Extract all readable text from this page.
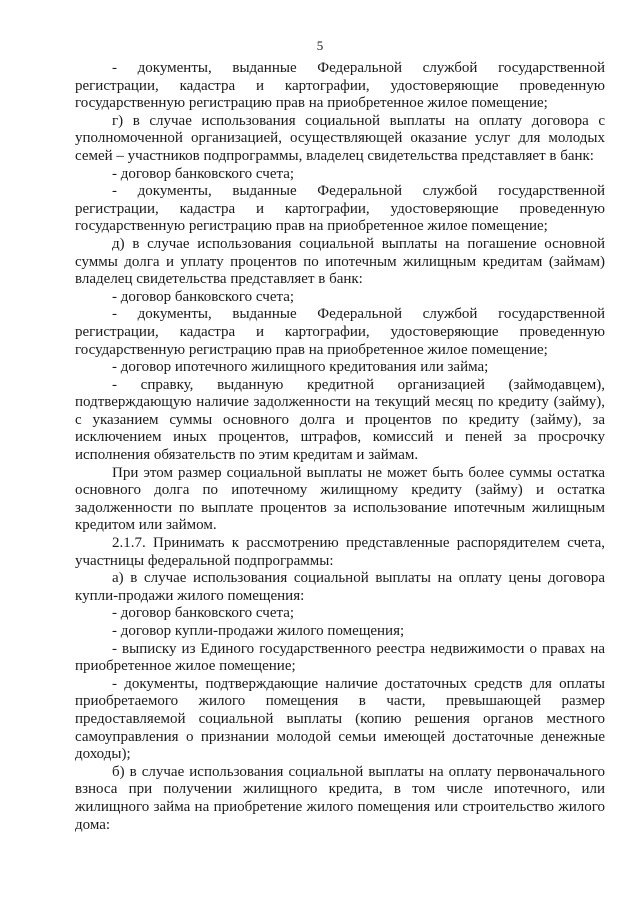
5

- документы, выданные Федеральной службой государственной регистрации, кадастра и картографии, удостоверяющие проведенную государственную регистрацию прав на приобретенное жилое помещение;

г) в случае использования социальной выплаты на оплату договора с уполномоченной организацией, осуществляющей оказание услуг для молодых семей – участников подпрограммы, владелец свидетельства представляет в банк:

- договор банковского счета;

- документы, выданные Федеральной службой государственной регистрации, кадастра и картографии, удостоверяющие проведенную государственную регистрацию прав на приобретенное жилое помещение;

д) в случае использования социальной выплаты на погашение основной суммы долга и уплату процентов по ипотечным жилищным кредитам (займам) владелец свидетельства представляет в банк:

- договор банковского счета;

- документы, выданные Федеральной службой государственной регистрации, кадастра и картографии, удостоверяющие проведенную государственную регистрацию прав на приобретенное жилое помещение;

- договор ипотечного жилищного кредитования или займа;

- справку, выданную кредитной организацией (займодавцем), подтверждающую наличие задолженности на текущий месяц по кредиту (займу), с указанием суммы основного долга и процентов по кредиту (займу), за исключением иных процентов, штрафов, комиссий и пеней за просрочку исполнения обязательств по этим кредитам и займам.

При этом размер социальной выплаты не может быть более суммы остатка основного долга по ипотечному жилищному кредиту (займу) и остатка задолженности по выплате процентов за использование ипотечным жилищным кредитом или займом.

2.1.7. Принимать к рассмотрению представленные распорядителем счета, участницы федеральной подпрограммы:

а) в случае использования социальной выплаты на оплату цены договора купли-продажи жилого помещения:

- договор банковского счета;

- договор купли-продажи жилого помещения;

- выписку из Единого государственного реестра недвижимости о правах на приобретенное жилое помещение;

- документы, подтверждающие наличие достаточных средств для оплаты приобретаемого жилого помещения в части, превышающей размер предоставляемой социальной выплаты (копию решения органов местного самоуправления о признании молодой семьи имеющей достаточные денежные доходы);

б) в случае использования социальной выплаты на оплату первоначального взноса при получении жилищного кредита, в том числе ипотечного, или жилищного займа на приобретение жилого помещения или строительство жилого дома:
